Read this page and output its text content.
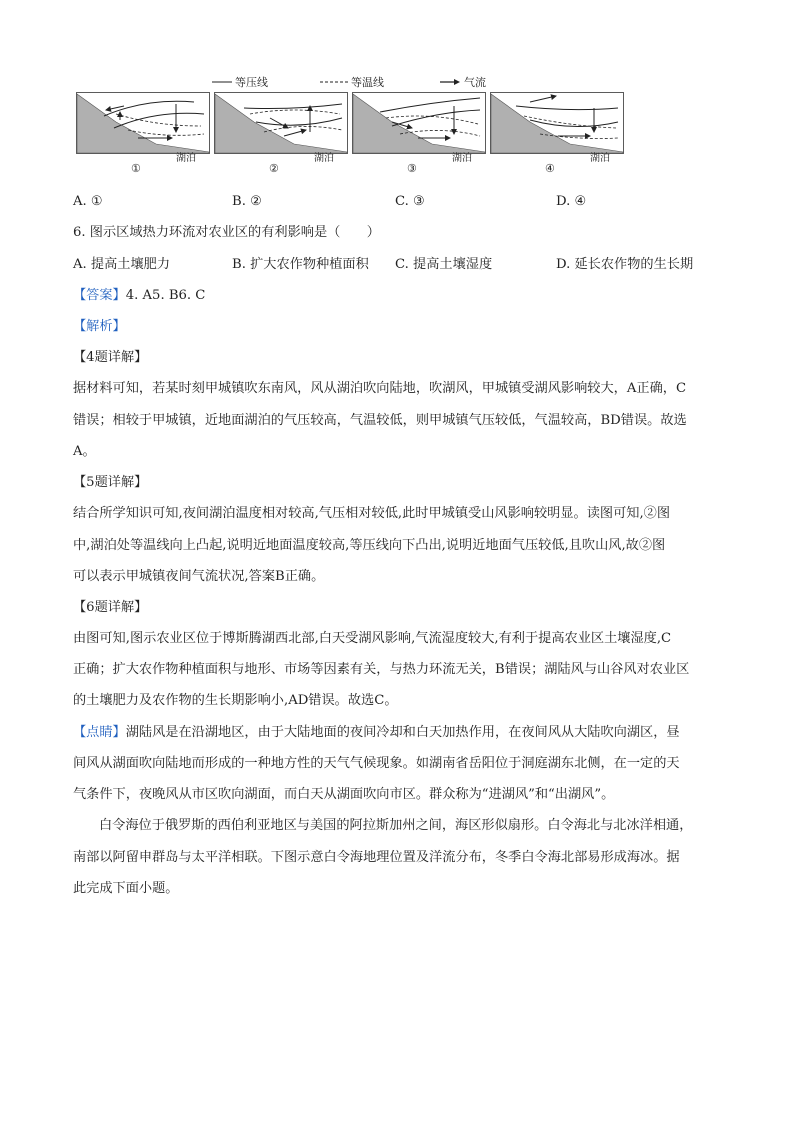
等压线	等温线	气流
湖泊
①
湖泊
②
湖泊
③
湖泊
④
A. ①	B. ②	C. ③	D. ④
6. 图示区域热力环流对农业区的有利影响是（　　）
A. 提高土壤肥力	B. 扩大农作物种植面积 C. 提高土壤湿度	D. 延长农作物的生长期
【答案】4. A5. B6. C
【解析】
【4题详解】
据材料可知，若某时刻甲城镇吹东南风，风从湖泊吹向陆地，吹湖风，甲城镇受湖风影响较大，A正确，C
错误；相较于甲城镇，近地面湖泊的气压较高，气温较低，则甲城镇气压较低，气温较高，BD错误。故选
A。
【5题详解】
结合所学知识可知,夜间湖泊温度相对较高,气压相对较低,此时甲城镇受山风影响较明显。读图可知,②图
中,湖泊处等温线向上凸起,说明近地面温度较高,等压线向下凸出,说明近地面气压较低,且吹山风,故②图
可以表示甲城镇夜间气流状况,答案B正确。
【6题详解】
由图可知,图示农业区位于博斯腾湖西北部,白天受湖风影响,气流湿度较大,有利于提高农业区土壤湿度,C
正确；扩大农作物种植面积与地形、市场等因素有关，与热力环流无关，B错误；湖陆风与山谷风对农业区
的土壤肥力及农作物的生长期影响小,AD错误。故选C。
【点睛】湖陆风是在沿湖地区，由于大陆地面的夜间冷却和白天加热作用，在夜间风从大陆吹向湖区，昼
间风从湖面吹向陆地而形成的一种地方性的天气气候现象。如湖南省岳阳位于洞庭湖东北侧，在一定的天
气条件下，夜晚风从市区吹向湖面，而白天从湖面吹向市区。群众称为“进湖风”和“出湖风”。
白令海位于俄罗斯的西伯利亚地区与美国的阿拉斯加州之间，海区形似扇形。白令海北与北冰洋相通，
南部以阿留申群岛与太平洋相联。下图示意白令海地理位置及洋流分布，冬季白令海北部易形成海冰。据
此完成下面小题。
